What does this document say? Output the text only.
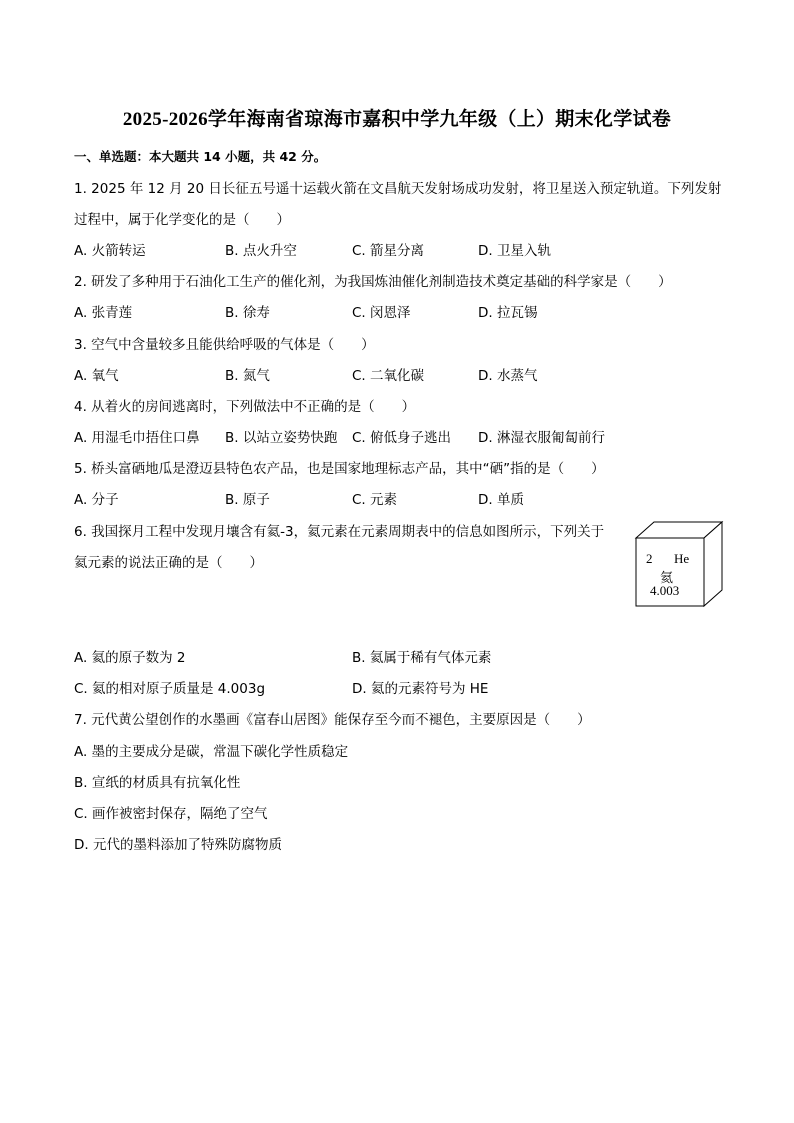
2025-2026学年海南省琼海市嘉积中学九年级（上）期末化学试卷
一、单选题：本大题共 14 小题，共 42 分。
1. 2025 年 12 月 20 日长征五号遥十运载火箭在文昌航天发射场成功发射，将卫星送入预定轨道。下列发射
过程中，属于化学变化的是（　　）
A. 火箭转运	B. 点火升空	C. 箭星分离	D. 卫星入轨
2. 研发了多种用于石油化工生产的催化剂，为我国炼油催化剂制造技术奠定基础的科学家是（　　）
A. 张青莲	B. 徐寿	C. 闵恩泽	D. 拉瓦锡
3. 空气中含量较多且能供给呼吸的气体是（　　）
A. 氧气	B. 氮气	C. 二氧化碳	D. 水蒸气
4. 从着火的房间逃离时，下列做法中不正确的是（　　）
A. 用湿毛巾捂住口鼻 B. 以站立姿势快跑 C. 俯低身子逃出 D. 淋湿衣服匍匐前行
5. 桥头富硒地瓜是澄迈县特色农产品，也是国家地理标志产品，其中“硒”指的是（　　）
A. 分子	B. 原子	C. 元素	D. 单质
6. 我国探月工程中发现月壤含有氦-3，氦元素在元素周期表中的信息如图所示，下列关于
氦元素的说法正确的是（　　）	2 He
氦
4.003
A. 氦的原子数为 2	B. 氦属于稀有气体元素
C. 氦的相对原子质量是 4.003g	D. 氦的元素符号为 HE
7. 元代黄公望创作的水墨画《富春山居图》能保存至今而不褪色，主要原因是（　　）
A. 墨的主要成分是碳，常温下碳化学性质稳定
B. 宣纸的材质具有抗氧化性
C. 画作被密封保存，隔绝了空气
D. 元代的墨料添加了特殊防腐物质
